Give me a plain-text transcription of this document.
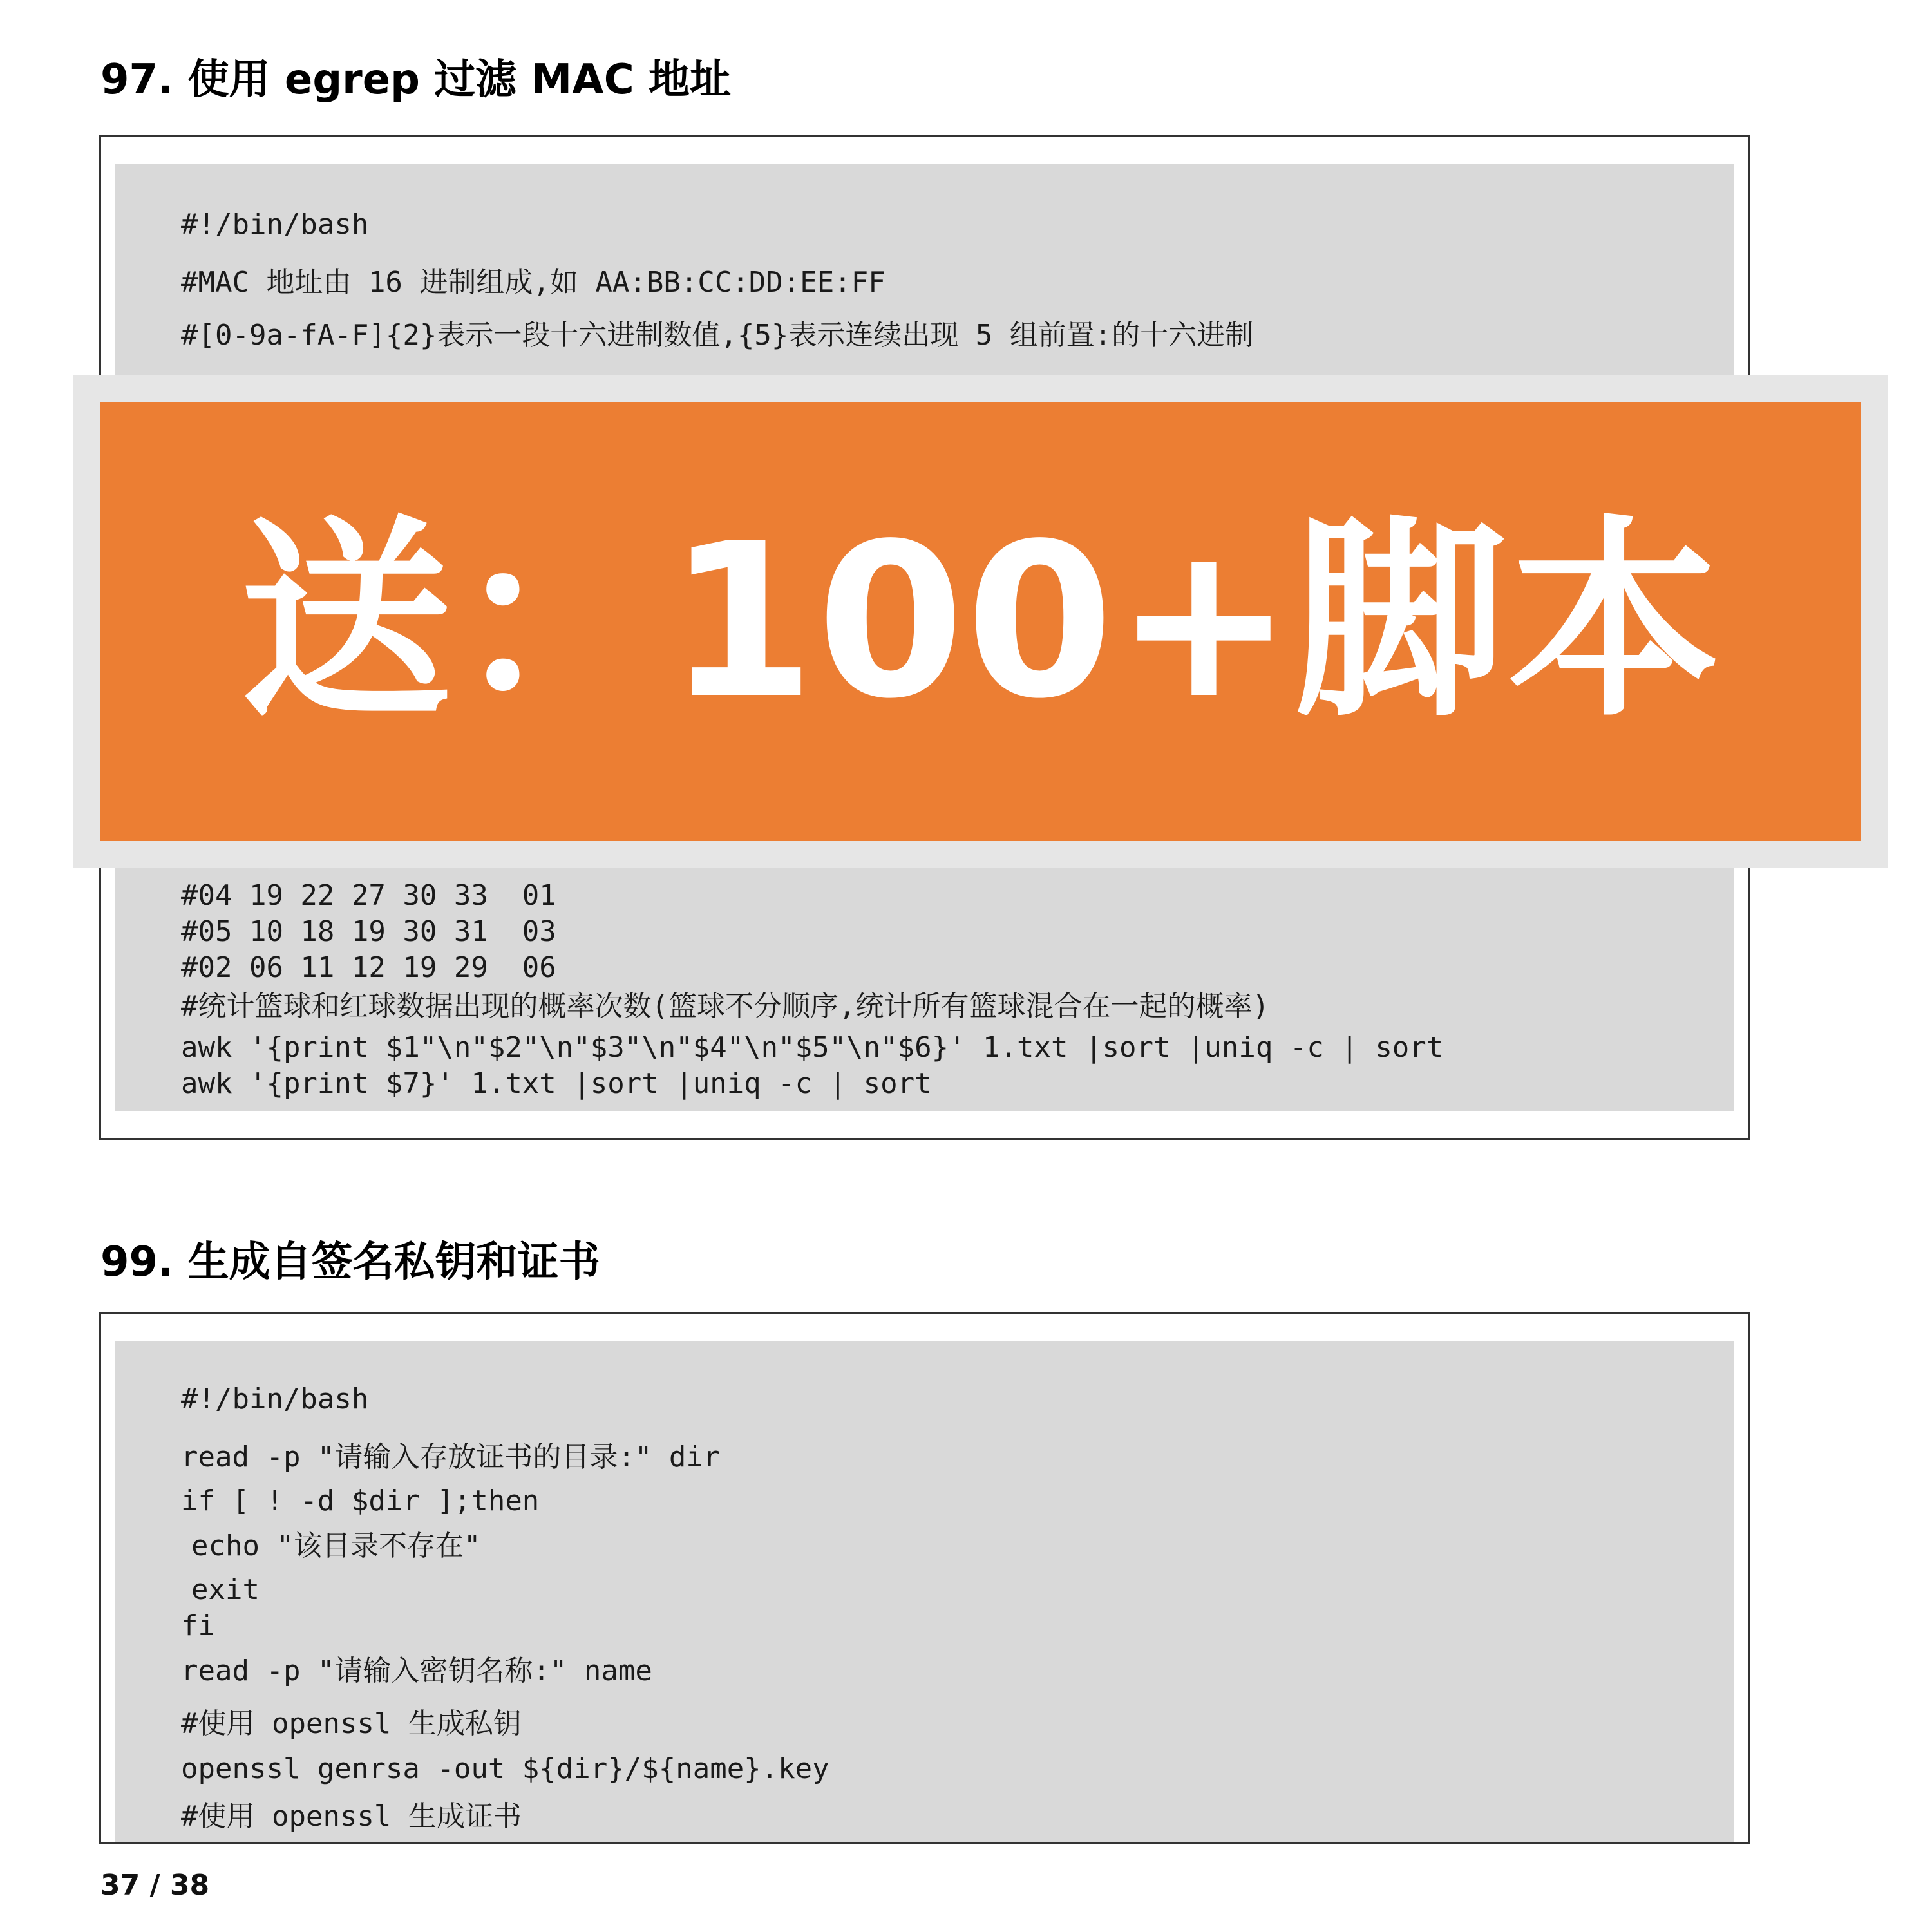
97. 使用 egrep 过滤 MAC 地址

#!/bin/bash

#MAC 地址由 16 进制组成,如 AA:BB:CC:DD:EE:FF

#[0-9a-fA-F]{2}表示一段十六进制数值,{5}表示连续出现 5 组前置:的十六进制

#04 19 22 27 30 33  01

#05 10 18 19 30 31  03

#02 06 11 12 19 29  06

#统计篮球和红球数据出现的概率次数(篮球不分顺序,统计所有篮球混合在一起的概率)

awk '{print $1"\n"$2"\n"$3"\n"$4"\n"$5"\n"$6}' 1.txt |sort |uniq -c | sort

awk '{print $7}' 1.txt |sort |uniq -c | sort

送：100+脚本
99. 生成自签名私钥和证书

#!/bin/bash

read -p "请输入存放证书的目录:" dir

if [ ! -d $dir ];then

echo "该目录不存在"

exit

fi

read -p "请输入密钥名称:" name

#使用 openssl 生成私钥

openssl genrsa -out ${dir}/${name}.key

#使用 openssl 生成证书

37 / 38
